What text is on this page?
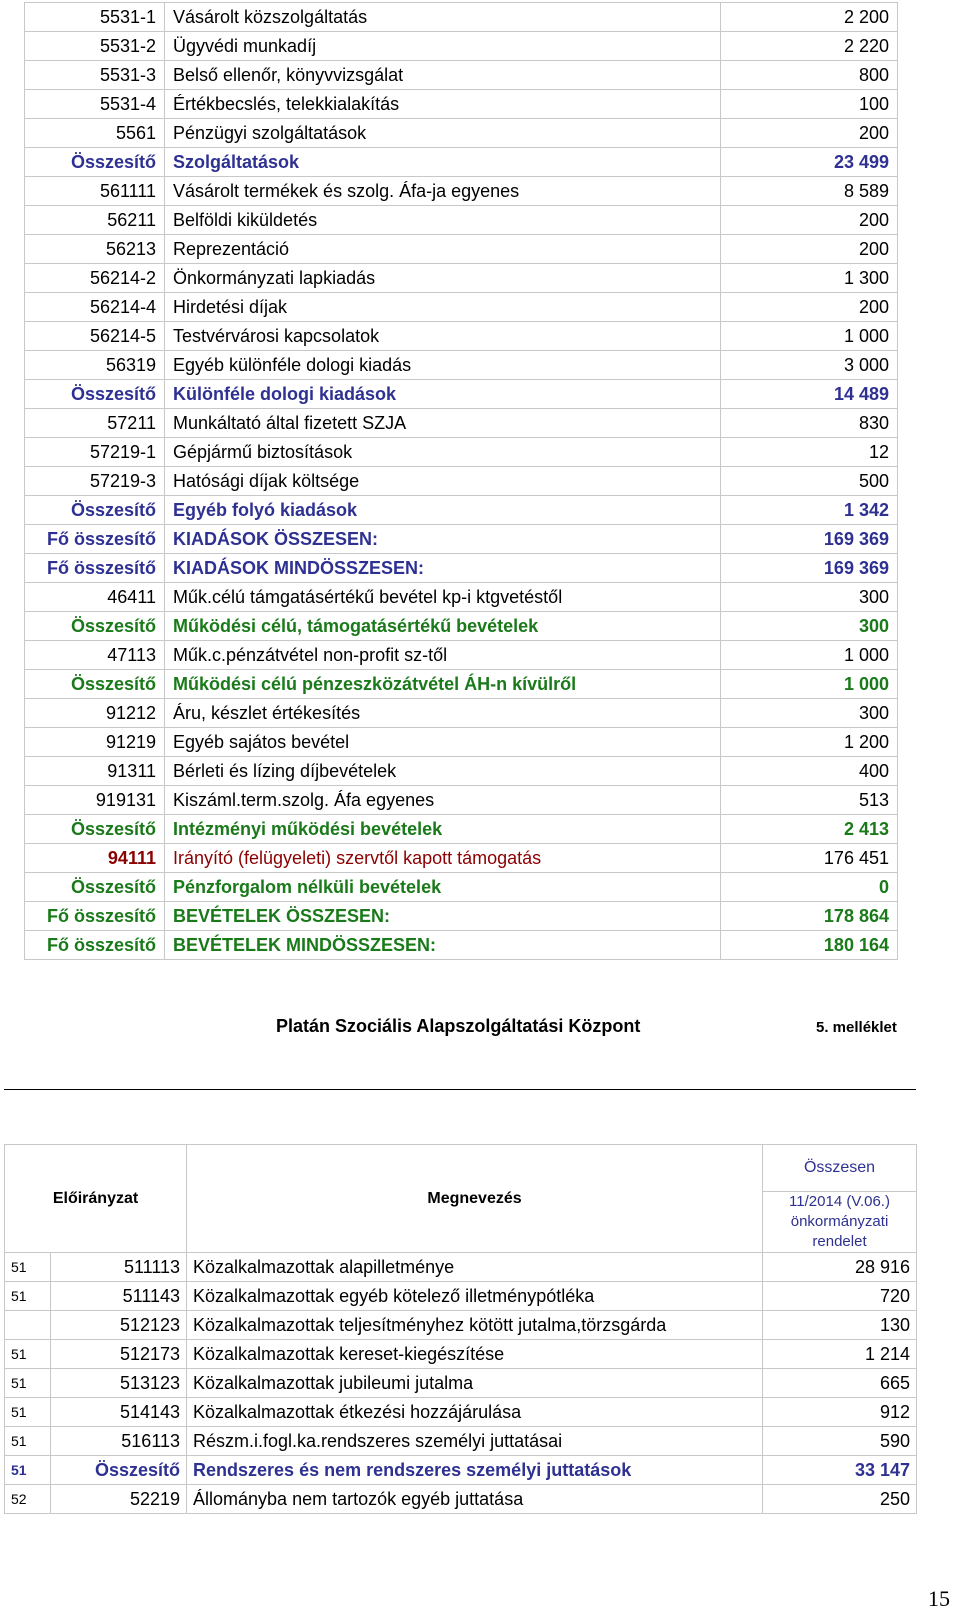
5531-1	Vásárolt közszolgáltatás	2 200
5531-2	Ügyvédi munkadíj	2 220
5531-3	Belső ellenőr, könyvvizsgálat	800
5531-4	Értékbecslés, telekkialakítás	100
5561	Pénzügyi szolgáltatások	200
Összesítő	Szolgáltatások	23 499
561111	Vásárolt termékek és szolg. Áfa-ja egyenes	8 589
56211	Belföldi kiküldetés	200
56213	Reprezentáció	200
56214-2	Önkormányzati lapkiadás	1 300
56214-4	Hirdetési díjak	200
56214-5	Testvérvárosi kapcsolatok	1 000
56319	Egyéb különféle dologi kiadás	3 000
Összesítő	Különféle dologi kiadások	14 489
57211	Munkáltató által fizetett SZJA	830
57219-1	Gépjármű biztosítások	12
57219-3	Hatósági díjak költsége	500
Összesítő	Egyéb folyó kiadások	1 342
Fő összesítő	KIADÁSOK ÖSSZESEN:	169 369
Fő összesítő	KIADÁSOK MINDÖSSZESEN:	169 369
46411	Műk.célú támgatásértékű bevétel kp-i ktgvetéstől	300
Összesítő	Működési célú, támogatásértékű bevételek	300
47113	Műk.c.pénzátvétel non-profit sz-től	1 000
Összesítő	Működési célú pénzeszközátvétel ÁH-n kívülről	1 000
91212	Áru, készlet értékesítés	300
91219	Egyéb sajátos bevétel	1 200
91311	Bérleti és lízing díjbevételek	400
919131	Kiszáml.term.szolg. Áfa egyenes	513
Összesítő	Intézményi működési bevételek	2 413
94111	Irányító (felügyeleti) szervtől kapott támogatás	176 451
Összesítő	Pénzforgalom nélküli bevételek	0
Fő összesítő	BEVÉTELEK ÖSSZESEN:	178 864
Fő összesítő	BEVÉTELEK MINDÖSSZESEN:	180 164
Platán Szociális Alapszolgáltatási Központ	5. melléklet
Előirányzat		Megnevezés	Összesen
			11/2014 (V.06.) önkormányzati rendelet
51	511113	Közalkalmazottak alapilletménye	28 916
51	511143	Közalkalmazottak egyéb kötelező illetménypótléka	720
	512123	Közalkalmazottak teljesítményhez kötött jutalma,törzsgárda	130
51	512173	Közalkalmazottak kereset-kiegészítése	1 214
51	513123	Közalkalmazottak jubileumi jutalma	665
51	514143	Közalkalmazottak étkezési hozzájárulása	912
51	516113	Részm.i.fogl.ka.rendszeres személyi juttatásai	590
51	Összesítő	Rendszeres és nem rendszeres személyi juttatások	33 147
52	52219	Állományba nem tartozók egyéb juttatása	250
15
